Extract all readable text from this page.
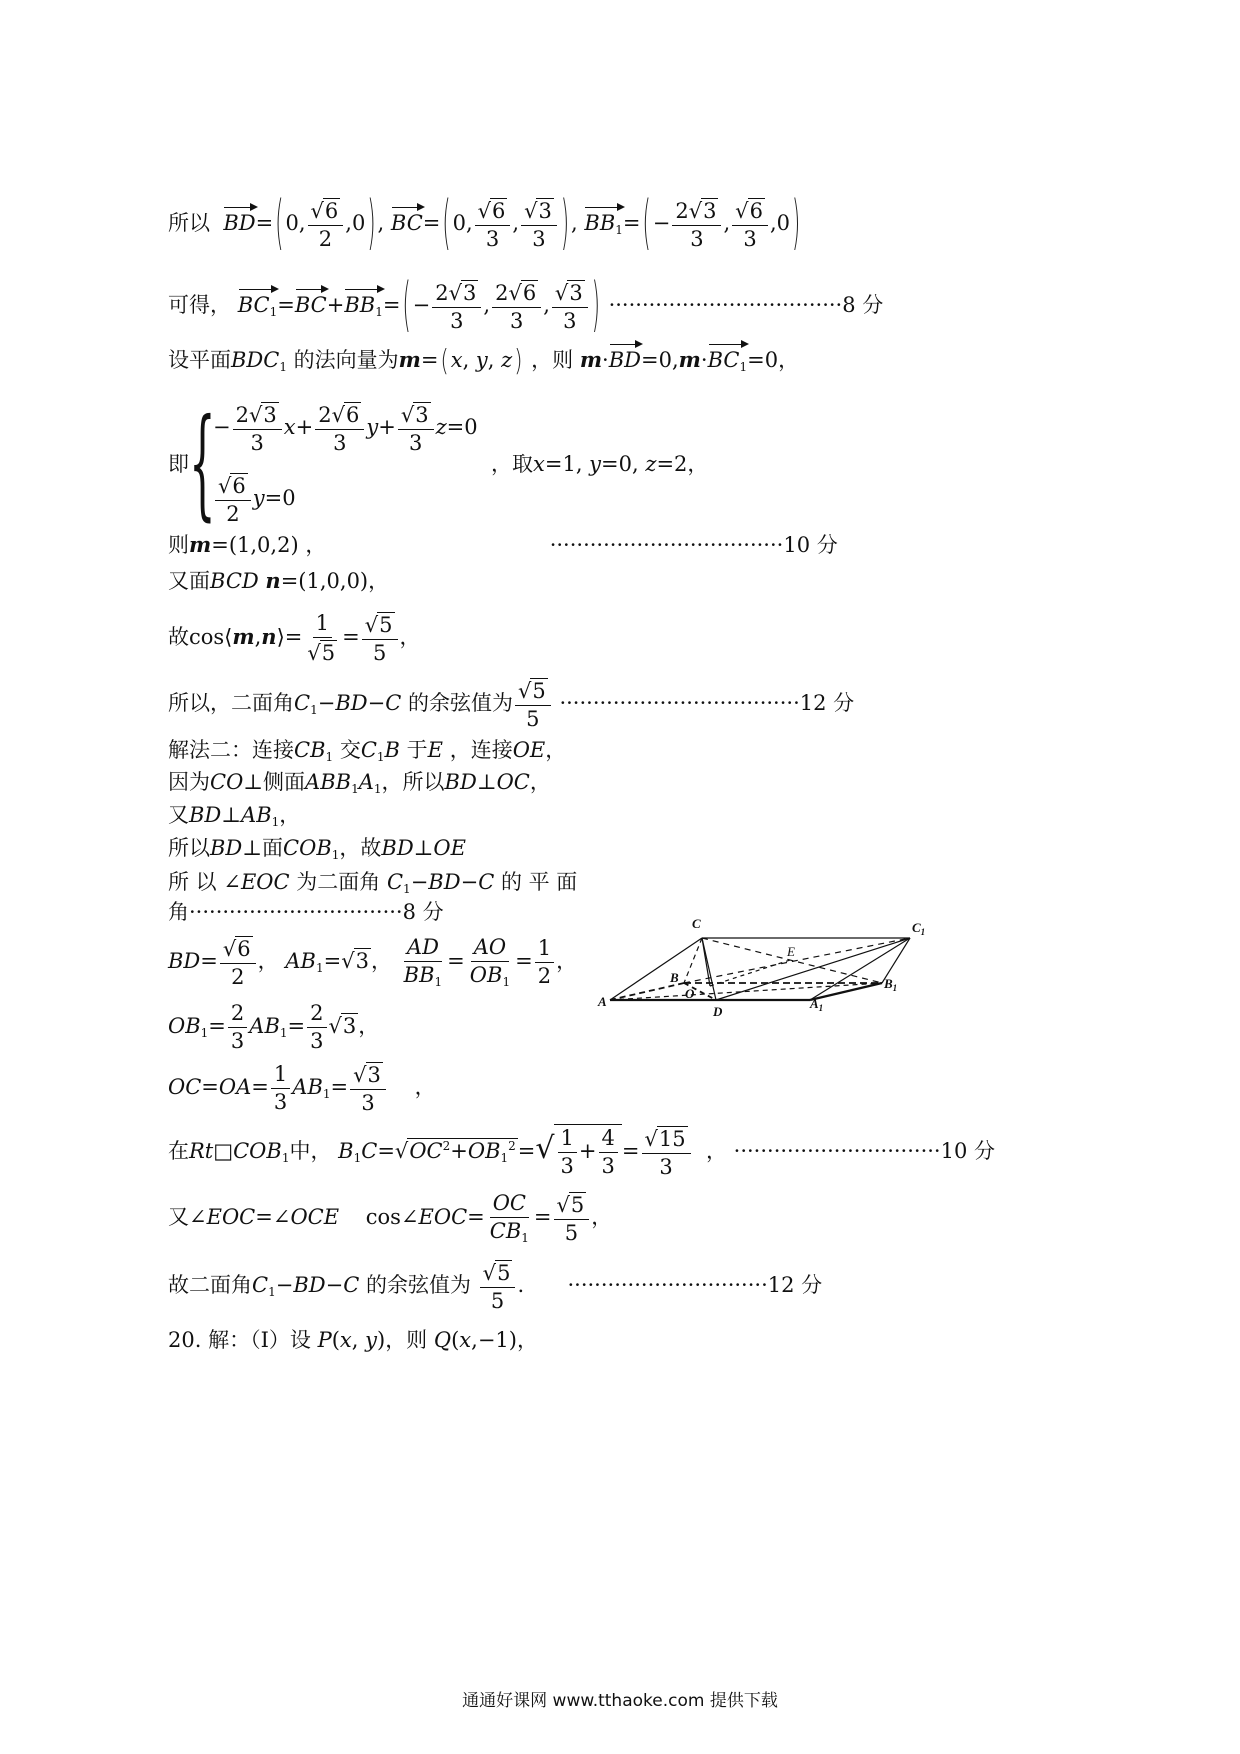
所以 BD=(0, $\frac{√6}{2} ,0$), BC=(0, $\frac{√6}{3}$ , $\frac{√3}{3}$ ), $BB_1=(- \frac{2√3}{3}$ , $\frac{√6}{3} ,0$)
可得， $BC_1=BC+BB_1=(- \frac{2√3}{3}$ , $\frac{2√6}{3}$ , $\frac{√3}{3}$ ) ···································8 分
设平面$BDC_1$ 的法向量为m=(x, y, z) ，则 $m\cdot BD=0,m\cdot BC_1=0$，
即{
− $\frac{2√3}{3} x+ \frac{2√6}{3} y+ \frac{√3}{3} z=0$
$\frac{√6}{2} y=0$
，取x=1, y=0, z=2，
则m=(1,0,2) ，	···································10 分
又面BCD n=(1,0,0)，
故cos⟨m,n⟩= $\frac{1}{√5} = \frac{√5}{5}$ ，
所以，二面角$C_1-BD-C$ 的余弦值为 $\frac{√5}{5} \cdot\cdot\cdot\cdot\cdot\cdot\cdot\cdot\cdot\cdot\cdot\cdot\cdot\cdot\cdot\cdot\cdot\cdot\cdot\cdot\cdot\cdot\cdot\cdot\cdot\cdot\cdot\cdot\cdot\cdot\cdot\cdot\cdot\cdot\cdot\cdot 12$ 分
解法二：连接$CB_1$ 交$C_1B$ 于E ，连接OE，
因为CO⊥侧面$ABB_1A_1$，所以BD⊥OC，
又$BD\perp AB_1$，
所以BD⊥面$COB_1$，故BD⊥OE
所 以 ∠EOC 为二面角 $C_1-BD-C$ 的 平 面
角································8 分
$BD= \frac{√6}{2}$ ， $AB_1=√3$， $\frac{AD}{BB_1} = \frac{AO}{OB_1} = \frac{1}{2}$ ，
$OB_1= \frac{2}{3} AB_1= \frac{2}{3} √3$，
$OC=OA= \frac{1}{3} AB_1= \frac{√3}{3}$ ，
在$Rt□COB_1$中， $B_1C=√OC^2+OB_1^2=√ \frac{1}{3} + \frac{4}{3} = \frac{√15}{3}$ ， ·······························10 分
又∠EOC=∠OCE    cos∠EOC= $\frac{OC}{CB_1} = \frac{√5}{5}$ ，
故二面角$C_1-BD-C$ 的余弦值为 $\frac{√5}{5}$ .  ······························12 分
20. 解：（Ⅰ）设 P(x, y)，则 Q(x,−1)，
C	$C_1$
E
B	$B_1$
O
A
D
$A_1$
通通好课网 www.tthaoke.com 提供下载
